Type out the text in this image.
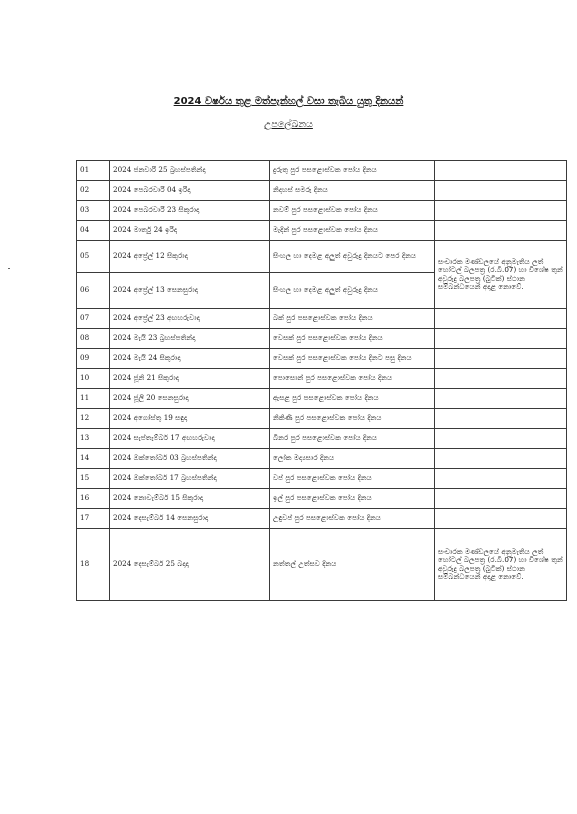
2024 වර්ෂය තුළ මත්පැන්හල් වසා තැබිය යුතු දිනයන්
උපලේඛනය
01	2024 ජනවාරි 25 බ්‍රහස්පතින්දා	දුරුතු පුර පසළොස්වක පෝය දිනය	
02	2024 පෙබරවාරි 04 ඉරිදා	නිදහස් සමරු දිනය	
03	2024 පෙබරවාරි 23 සිකුරාදා	නවම් පුර පසළොස්වක පෝය දිනය	
04	2024 මාර්තු 24 ඉරිදා	මැදින් පුර පසළොස්වක පෝය දිනය	
05	2024 අප්‍රේල් 12 සිකුරාදා	සිංහල හා දෙමළ අලුත් අවුරුදු දිනයට පෙර දිනය	සංචාරක මණ්ඩලයේ අනුමැතිය ලත් හෝටල් බලපත්‍ර (ර.බී.07) හා විශේෂ තුන් අවුරුදු බලපත්‍ර (බුටික්) ස්ථාන සම්බන්ධයෙන් අදාළ නොවේ.
06	2024 අප්‍රේල් 13 සෙනසුරාදා	සිංහල හා දෙමළ අලුත් අවුරුදු දිනය	
07	2024 අප්‍රේල් 23 අඟහරුවාදා	බක් පුර පසළොස්වක පෝය දිනය	
08	2024 මැයි 23 බ්‍රහස්පතින්දා	වෙසක් පුර පසළොස්වක පෝය දිනය	
09	2024 මැයි 24 සිකුරාදා	වෙසක් පුර පසළොස්වක පෝය දිනට පසු දිනය	
10	2024 ජූනි 21 සිකුරාදා	පොසොන් පුර පසළොස්වක පෝය දිනය	
11	2024 ජූලි 20 සෙනසුරාදා	ඇසළ පුර පසළොස්වක පෝය දිනය	
12	2024 අගෝස්තු 19 සඳුදා	නිකිණි පුර පසළොස්වක පෝය දිනය	
13	2024 සැප්තැම්බර් 17 අඟහරුවාදා	බිනර පුර පසළොස්වක පෝය දිනය	
14	2024 ඔක්තෝබර් 03 බ්‍රහස්පතින්දා	ලෝක මද්‍යසාර දිනය	
15	2024 ඔක්තෝබර් 17 බ්‍රහස්පතින්දා	වප් පුර පසළොස්වක පෝය දිනය	
16	2024 නොවැම්බර් 15 සිකුරාදා	ඉල් පුර පසළොස්වක පෝය දිනය	
17	2024 දෙසැම්බර් 14 සෙනසුරාදා	උඳුවප් පුර පසළොස්වක පෝය දිනය	
18	2024 දෙසැම්බර් 25 බදාදා	නත්තල් උත්සව දිනය	සංචාරක මණ්ඩලයේ අනුමැතිය ලත් හෝටල් බලපත්‍ර (ර.බී.07) හා විශේෂ තුන් අවුරුදු බලපත්‍ර (බුටික්) ස්ථාන සම්බන්ධයෙන් අදාළ නොවේ.
